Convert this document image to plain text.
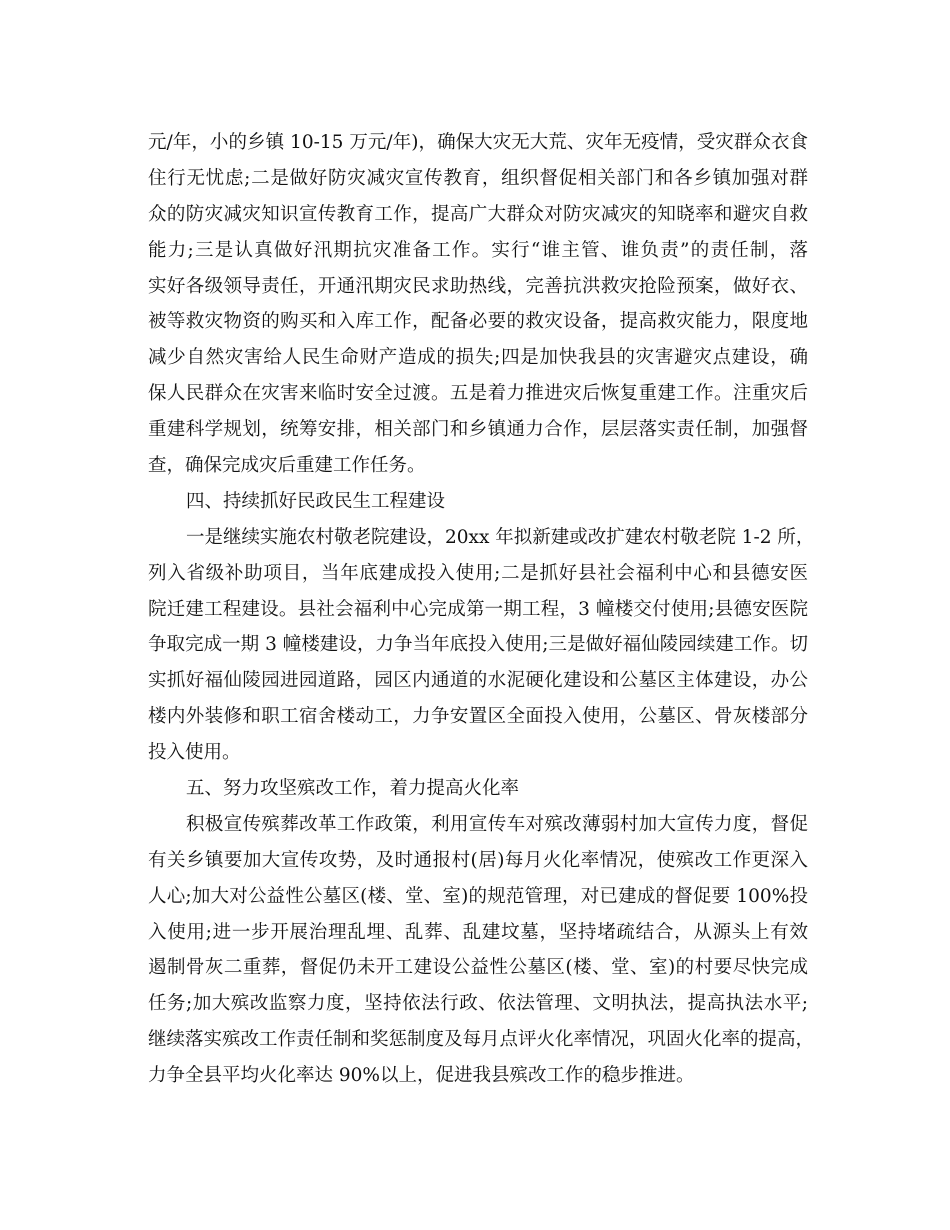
元/年，小的乡镇 10-15 万元/年)，确保大灾无大荒、灾年无疫情，受灾群众衣食
住行无忧虑;二是做好防灾减灾宣传教育，组织督促相关部门和各乡镇加强对群
众的防灾减灾知识宣传教育工作，提高广大群众对防灾减灾的知晓率和避灾自救
能力;三是认真做好汛期抗灾准备工作。实行“谁主管、谁负责”的责任制，落
实好各级领导责任，开通汛期灾民求助热线，完善抗洪救灾抢险预案，做好衣、
被等救灾物资的购买和入库工作，配备必要的救灾设备，提高救灾能力，限度地
减少自然灾害给人民生命财产造成的损失;四是加快我县的灾害避灾点建设，确
保人民群众在灾害来临时安全过渡。五是着力推进灾后恢复重建工作。注重灾后
重建科学规划，统筹安排，相关部门和乡镇通力合作，层层落实责任制，加强督
查，确保完成灾后重建工作任务。
四、持续抓好民政民生工程建设
一是继续实施农村敬老院建设，20xx 年拟新建或改扩建农村敬老院 1-2 所，
列入省级补助项目，当年底建成投入使用;二是抓好县社会福利中心和县德安医
院迁建工程建设。县社会福利中心完成第一期工程，3 幢楼交付使用;县德安医院
争取完成一期 3 幢楼建设，力争当年底投入使用;三是做好福仙陵园续建工作。切
实抓好福仙陵园进园道路，园区内通道的水泥硬化建设和公墓区主体建设，办公
楼内外装修和职工宿舍楼动工，力争安置区全面投入使用，公墓区、骨灰楼部分
投入使用。
五、努力攻坚殡改工作，着力提高火化率
积极宣传殡葬改革工作政策，利用宣传车对殡改薄弱村加大宣传力度，督促
有关乡镇要加大宣传攻势，及时通报村(居)每月火化率情况，使殡改工作更深入
人心;加大对公益性公墓区(楼、堂、室)的规范管理，对已建成的督促要 100%投
入使用;进一步开展治理乱埋、乱葬、乱建坟墓，坚持堵疏结合，从源头上有效
遏制骨灰二重葬，督促仍未开工建设公益性公墓区(楼、堂、室)的村要尽快完成
任务;加大殡改监察力度，坚持依法行政、依法管理、文明执法，提高执法水平;
继续落实殡改工作责任制和奖惩制度及每月点评火化率情况，巩固火化率的提高，
力争全县平均火化率达 90%以上，促进我县殡改工作的稳步推进。
